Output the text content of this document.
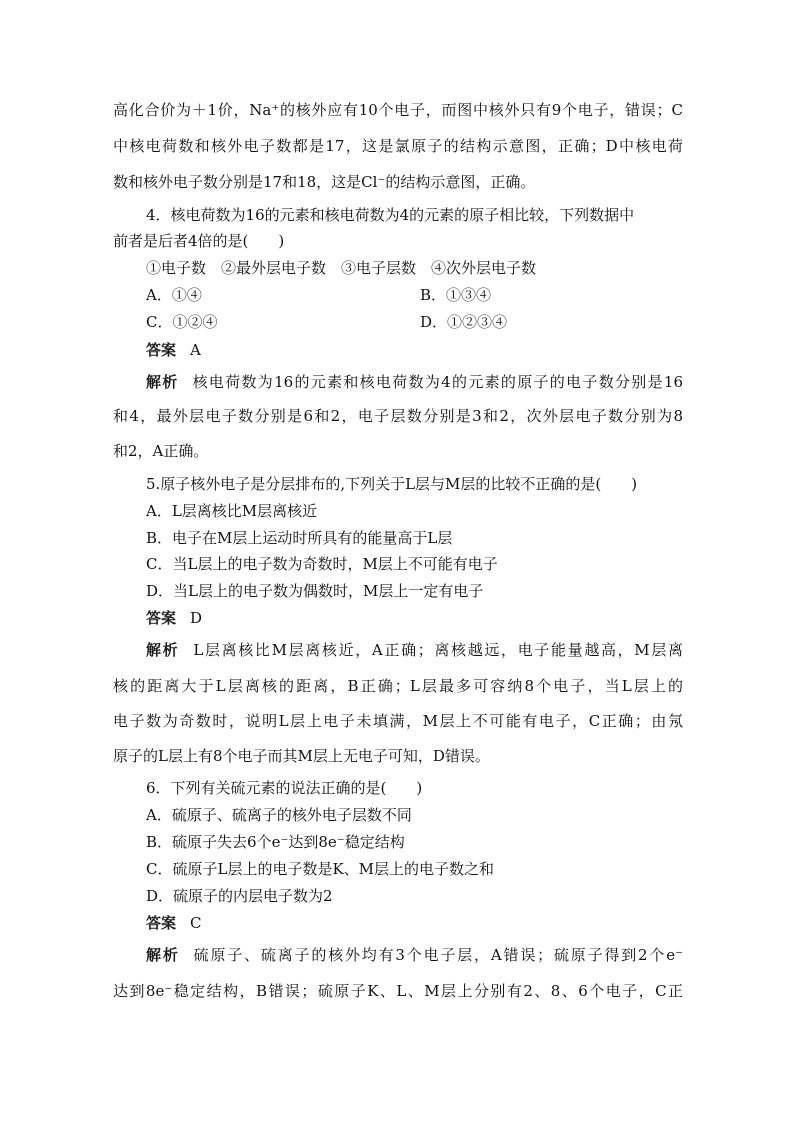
高化合价为＋1价，Na⁺的核外应有10个电子，而图中核外只有9个电子，错误；C
中核电荷数和核外电子数都是17，这是氯原子的结构示意图，正确；D中核电荷
数和核外电子数分别是17和18，这是Cl⁻的结构示意图，正确。
4．核电荷数为16的元素和核电荷数为4的元素的原子相比较，下列数据中
前者是后者4倍的是(　　)
①电子数　②最外层电子数　③电子层数　④次外层电子数
A．①④	B．①③④
C．①②④	D．①②③④
答案 A
解析 核电荷数为16的元素和核电荷数为4的元素的原子的电子数分别是16
和4，最外层电子数分别是6和2，电子层数分别是3和2，次外层电子数分别为8
和2，A正确。
5.原子核外电子是分层排布的,下列关于L层与M层的比较不正确的是(　　)
A．L层离核比M层离核近
B．电子在M层上运动时所具有的能量高于L层
C．当L层上的电子数为奇数时，M层上不可能有电子
D．当L层上的电子数为偶数时，M层上一定有电子
答案 D
解析 L层离核比M层离核近，A正确；离核越远，电子能量越高，M层离
核的距离大于L层离核的距离，B正确；L层最多可容纳8个电子，当L层上的
电子数为奇数时，说明L层上电子未填满，M层上不可能有电子，C正确；由氖
原子的L层上有8个电子而其M层上无电子可知，D错误。
6．下列有关硫元素的说法正确的是(　　)
A．硫原子、硫离子的核外电子层数不同
B．硫原子失去6个e⁻达到8e⁻稳定结构
C．硫原子L层上的电子数是K、M层上的电子数之和
D．硫原子的内层电子数为2
答案 C
解析 硫原子、硫离子的核外均有3个电子层，A错误；硫原子得到2个e⁻
达到8e⁻稳定结构，B错误；硫原子K、L、M层上分别有2、8、6个电子，C正
